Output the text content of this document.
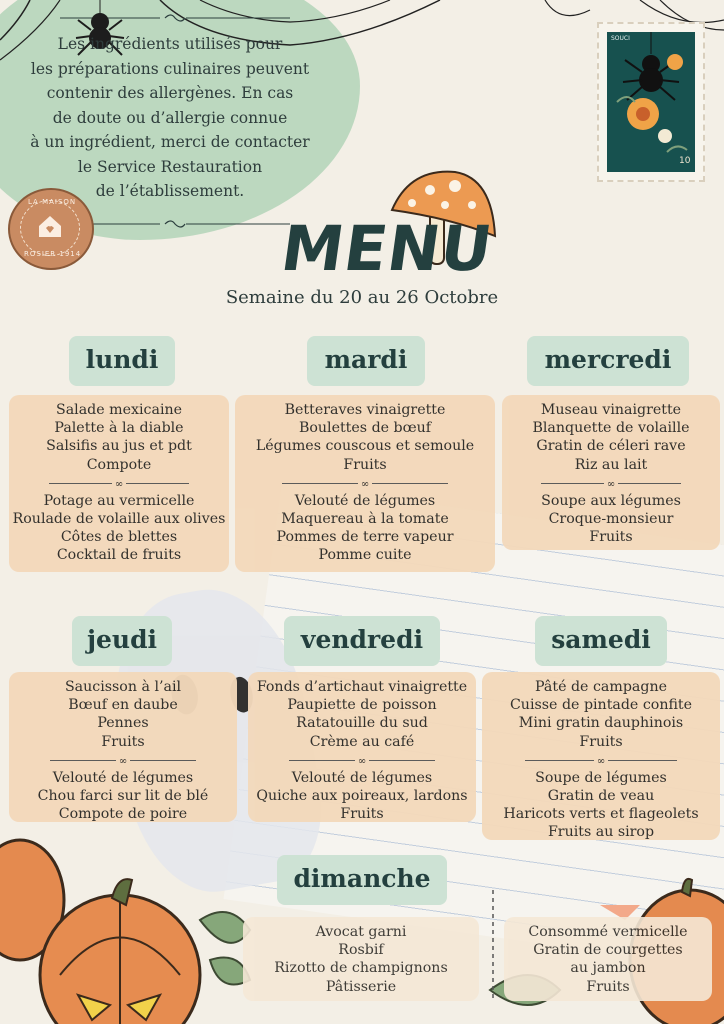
Les ingrédients utilisés pour
les préparations culinaires peuvent
contenir des allergènes. En cas
de doute ou d’allergie connue
à un ingrédient, merci de contacter
le Service Restauration
de l’établissement.
LA MAISON
ROSIER 1914
SOUCI
10
MENU
Semaine du 20 au 26 Octobre
lundi
Salade mexicaine
Palette à la diable
Salsifis au jus et pdt
Compote
∞
Potage au vermicelle
Roulade de volaille aux olives
Côtes de blettes
Cocktail de fruits
mardi
Betteraves vinaigrette
Boulettes de bœuf
Légumes couscous et semoule
Fruits
∞
Velouté de légumes
Maquereau à la tomate
Pommes de terre vapeur
Pomme cuite
mercredi
Museau vinaigrette
Blanquette de volaille
Gratin de céleri rave
Riz au lait
∞
Soupe aux légumes
Croque-monsieur
Fruits
jeudi
Saucisson à l’ail
Bœuf en daube
Pennes
Fruits
∞
Velouté de légumes
Chou farci sur lit de blé
Compote de poire
vendredi
Fonds d’artichaut vinaigrette
Paupiette de poisson
Ratatouille du sud
Crème au café
∞
Velouté de légumes
Quiche aux poireaux, lardons
Fruits
samedi
Pâté de campagne
Cuisse de pintade confite
Mini gratin dauphinois
Fruits
∞
Soupe de légumes
Gratin de veau
Haricots verts et flageolets
Fruits au sirop
dimanche
Avocat garni
Rosbif
Rizotto de champignons
Pâtisserie
Consommé vermicelle
Gratin de courgettes
au jambon
Fruits
